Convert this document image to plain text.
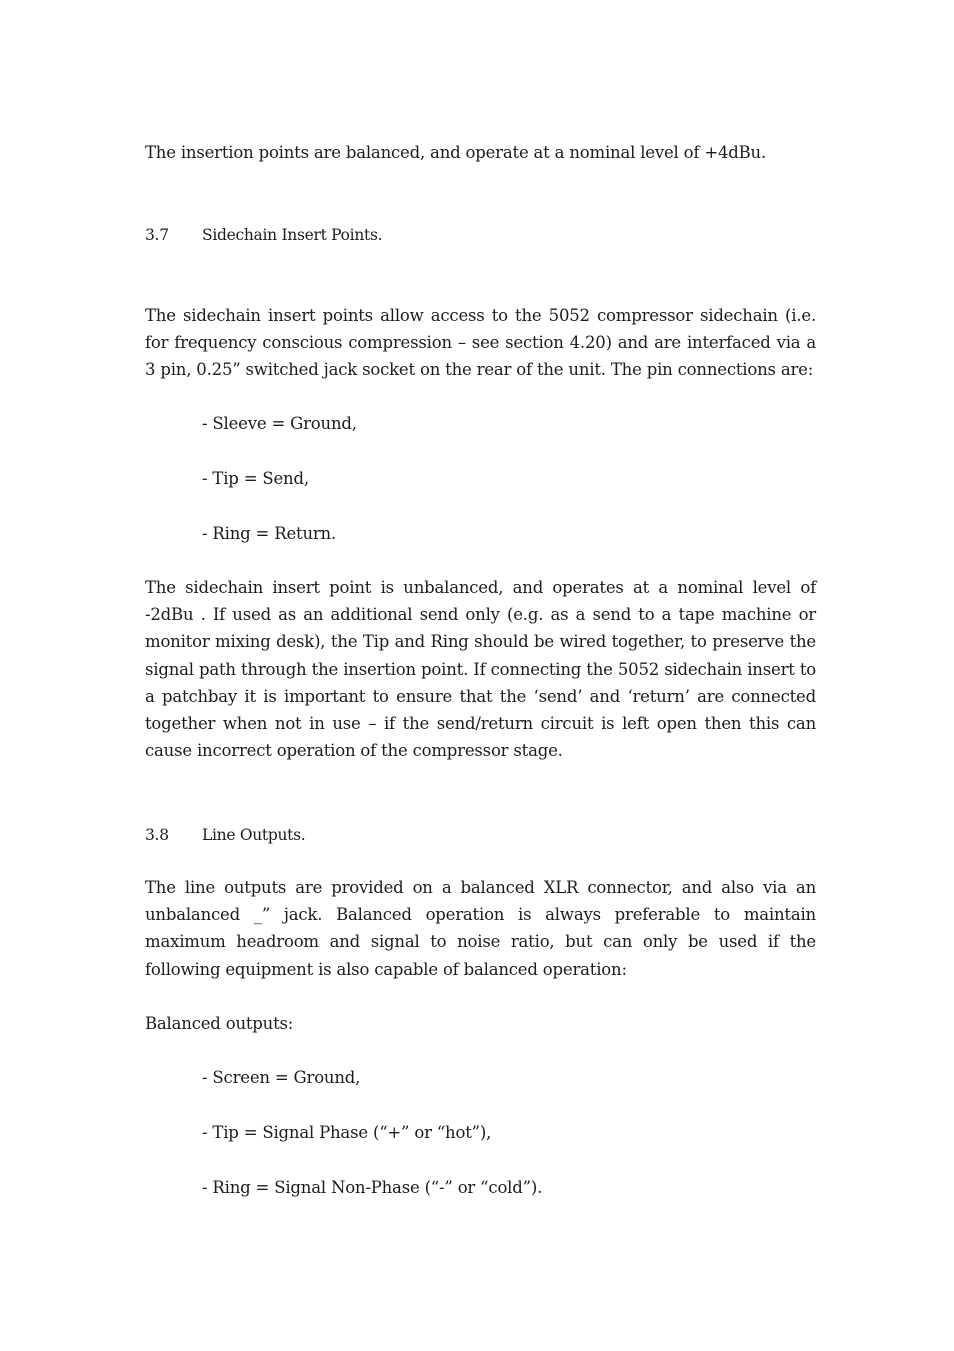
The insertion points are balanced, and operate at a nominal level of +4dBu.

3.7 Sidechain Insert Points.

The sidechain insert points allow access to the 5052 compressor sidechain (i.e. for frequency conscious compression – see section 4.20) and are interfaced via a 3 pin, 0.25” switched jack socket on the rear of the unit. The pin connections are:

- Sleeve = Ground,

- Tip = Send,

- Ring = Return.

The sidechain insert point is unbalanced, and operates at a nominal level of -2dBu . If used as an additional send only (e.g. as a send to a tape machine or monitor mixing desk), the Tip and Ring should be wired together, to preserve the signal path through the insertion point. If connecting the 5052 sidechain insert to a patchbay it is important to ensure that the ‘send’ and ‘return’ are connected together when not in use – if the send/return circuit is left open then this can cause incorrect operation of the compressor stage.

3.8 Line Outputs.

The line outputs are provided on a balanced XLR connector, and also via an unbalanced _” jack. Balanced operation is always preferable to maintain maximum headroom and signal to noise ratio, but can only be used if the following equipment is also capable of balanced operation:

Balanced outputs:

- Screen = Ground,

- Tip = Signal Phase (“+” or “hot”),

- Ring = Signal Non-Phase (“-” or “cold”).
